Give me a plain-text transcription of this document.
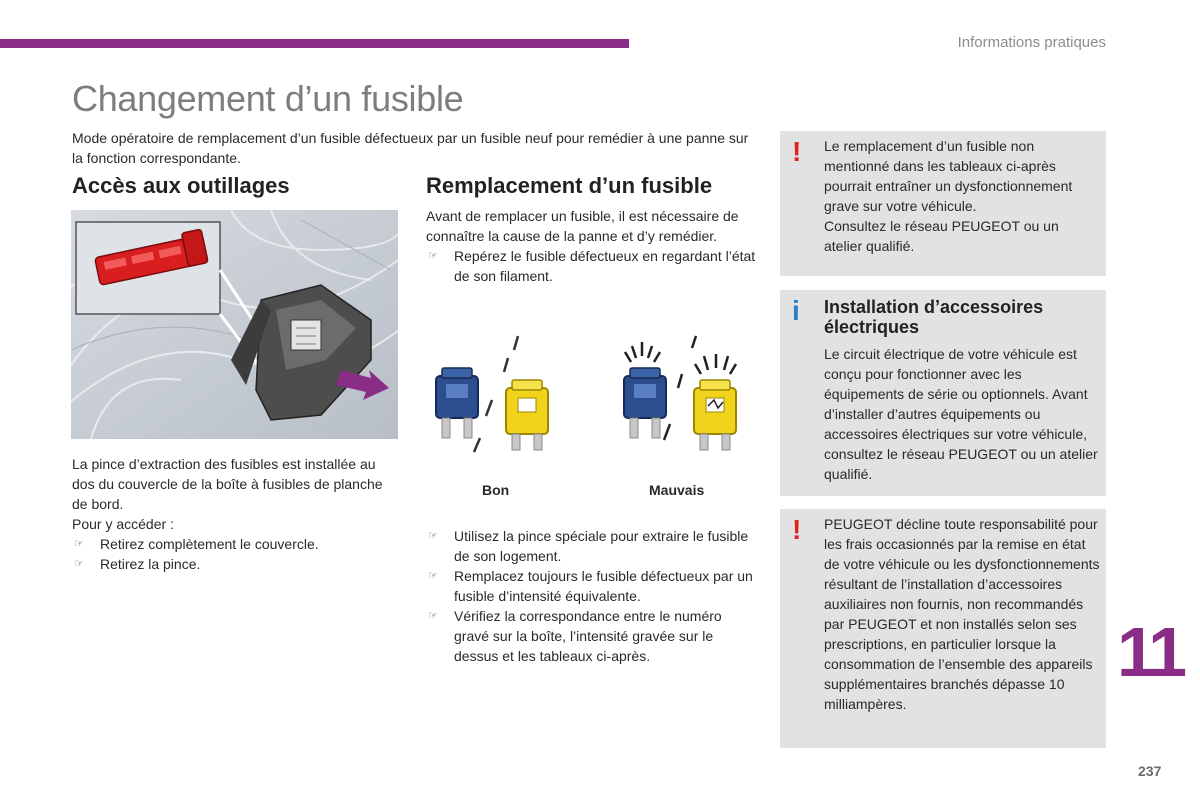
Informations pratiques
Changement d’un fusible
Mode opératoire de remplacement d’un fusible défectueux par un fusible neuf pour remédier à une panne sur la fonction correspondante.
Accès aux outillages	Remplacement d’un fusible
La pince d’extraction des fusibles est installée au dos du couvercle de la boîte à fusibles de planche de bord.
Pour y accéder :
☞ Retirez complètement le couvercle.
☞ Retirez la pince.
Avant de remplacer un fusible, il est nécessaire de connaître la cause de la panne et d’y remédier.
☞ Repérez le fusible défectueux en regardant l’état de son filament.
Bon	Mauvais
☞ Utilisez la pince spéciale pour extraire le fusible de son logement.
☞ Remplacez toujours le fusible défectueux par un fusible d’intensité équivalente.
☞ Vérifiez la correspondance entre le numéro gravé sur la boîte, l’intensité gravée sur le dessus et les tableaux ci-après.
! Le remplacement d’un fusible non mentionné dans les tableaux ci-après pourrait entraîner un dysfonctionnement grave sur votre véhicule.
Consultez le réseau PEUGEOT ou un atelier qualifié.
i Installation d’accessoires électriques
Le circuit électrique de votre véhicule est conçu pour fonctionner avec les équipements de série ou optionnels. Avant d’installer d’autres équipements ou accessoires électriques sur votre véhicule, consultez le réseau PEUGEOT ou un atelier qualifié.
! PEUGEOT décline toute responsabilité pour les frais occasionnés par la remise en état de votre véhicule ou les dysfonctionnements résultant de l’installation d’accessoires auxiliaires non fournis, non recommandés par PEUGEOT et non installés selon ses prescriptions, en particulier lorsque la consommation de l’ensemble des appareils supplémentaires branchés dépasse 10 milliampères.
11
237
